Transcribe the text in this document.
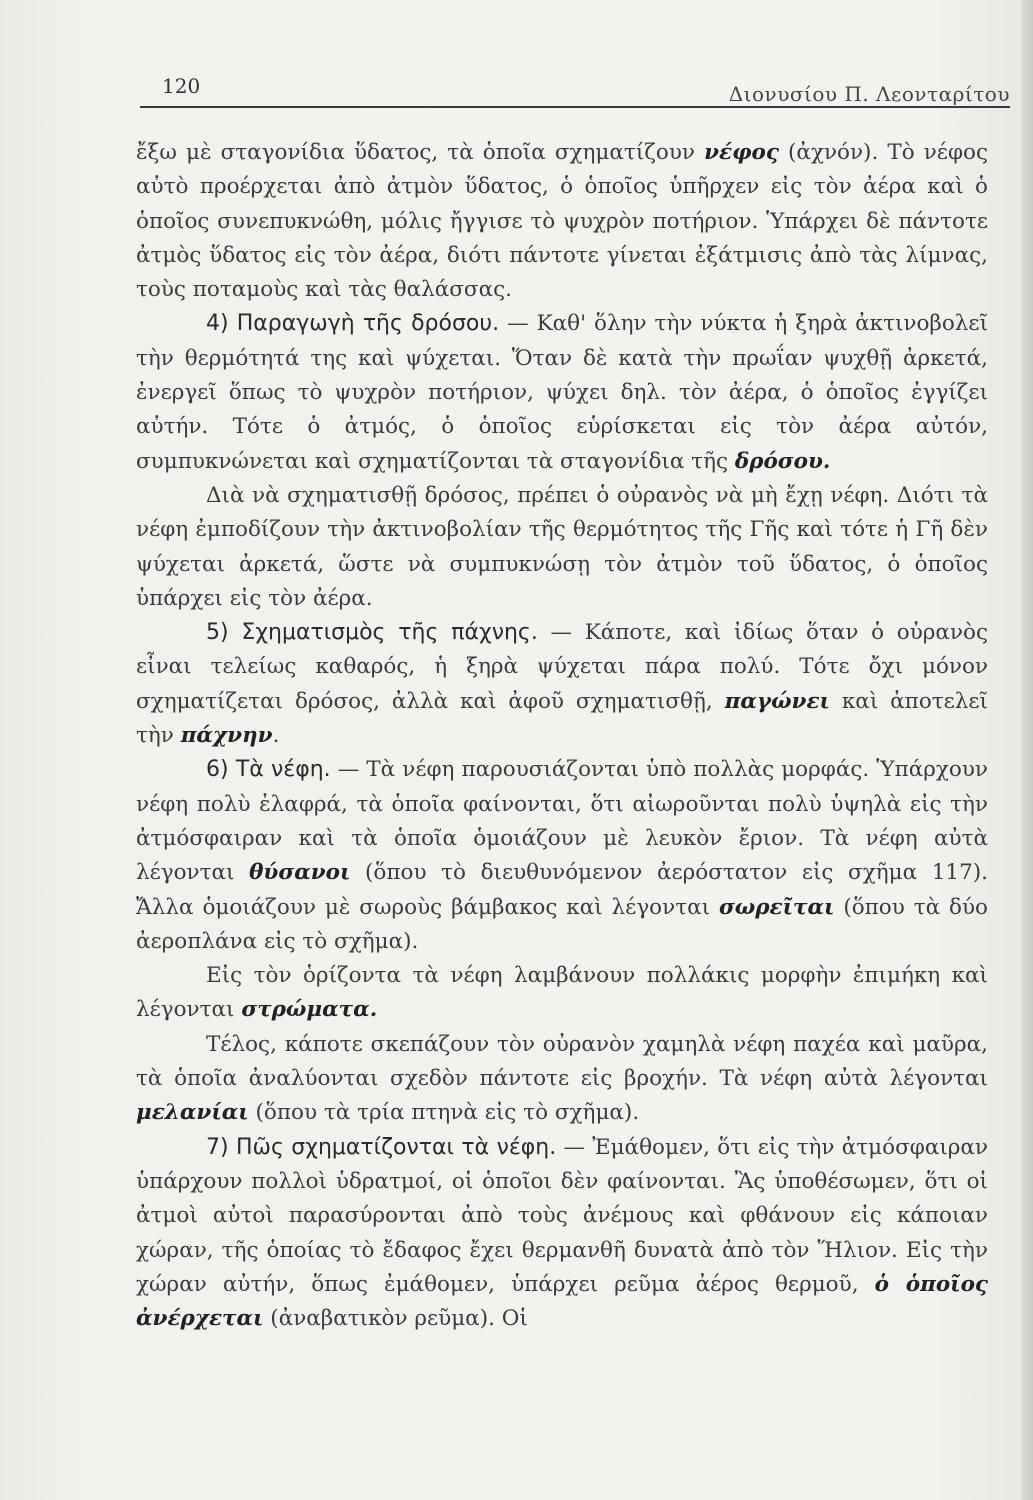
120	Διονυσίου Π. Λεονταρίτου

ἔξω μὲ σταγονίδια ὕδατος, τὰ ὁποῖα σχηματίζουν νέφος (ἀχνόν). Τὸ νέφος αὐτὸ προέρχεται ἀπὸ ἀτμὸν ὕδατος, ὁ ὁποῖος ὑπῆρχεν εἰς τὸν ἀέρα καὶ ὁ ὁποῖος συνεπυκνώθη, μόλις ἤγγισε τὸ ψυχρὸν ποτήριον. Ὑπάρχει δὲ πάντοτε ἀτμὸς ὕδατος εἰς τὸν ἀέρα, διότι πάντοτε γίνεται ἐξάτμισις ἀπὸ τὰς λίμνας, τοὺς ποταμοὺς καὶ τὰς θαλάσσας.

4) Παραγωγὴ τῆς δρόσου. — Καθ' ὅλην τὴν νύκτα ἡ ξηρὰ ἀκτινοβολεῖ τὴν θερμότητά της καὶ ψύχεται. Ὅταν δὲ κατὰ τὴν πρωΐαν ψυχθῇ ἀρκετά, ἐνεργεῖ ὅπως τὸ ψυχρὸν ποτήριον, ψύχει δηλ. τὸν ἀέρα, ὁ ὁποῖος ἐγγίζει αὐτήν. Τότε ὁ ἀτμός, ὁ ὁποῖος εὑρίσκεται εἰς τὸν ἀέρα αὐτόν, συμπυκνώνεται καὶ σχηματίζονται τὰ σταγονίδια τῆς δρόσου.

Διὰ νὰ σχηματισθῇ δρόσος, πρέπει ὁ οὐρανὸς νὰ μὴ ἔχῃ νέφη. Διότι τὰ νέφη ἐμποδίζουν τὴν ἀκτινοβολίαν τῆς θερμότητος τῆς Γῆς καὶ τότε ἡ Γῆ δὲν ψύχεται ἀρκετά, ὥστε νὰ συμπυκνώσῃ τὸν ἀτμὸν τοῦ ὕδατος, ὁ ὁποῖος ὑπάρχει εἰς τὸν ἀέρα.

5) Σχηματισμὸς τῆς πάχνης. — Κάποτε, καὶ ἰδίως ὅταν ὁ οὐρανὸς εἶναι τελείως καθαρός, ἡ ξηρὰ ψύχεται πάρα πολύ. Τότε ὄχι μόνον σχηματίζεται δρόσος, ἀλλὰ καὶ ἀφοῦ σχηματισθῇ, παγώνει καὶ ἀποτελεῖ τὴν πάχνην.

6) Τὰ νέφη. — Τὰ νέφη παρουσιάζονται ὑπὸ πολλὰς μορφάς. Ὑπάρχουν νέφη πολὺ ἐλαφρά, τὰ ὁποῖα φαίνονται, ὅτι αἰωροῦνται πολὺ ὑψηλὰ εἰς τὴν ἀτμόσφαιραν καὶ τὰ ὁποῖα ὁμοιάζουν μὲ λευκὸν ἔριον. Τὰ νέφη αὐτὰ λέγονται θύσανοι (ὅπου τὸ διευθυνόμενον ἀερόστατον εἰς σχῆμα 117). Ἄλλα ὁμοιάζουν μὲ σωροὺς βάμβακος καὶ λέγονται σωρεῖται (ὅπου τὰ δύο ἀεροπλάνα εἰς τὸ σχῆμα).

Εἰς τὸν ὁρίζοντα τὰ νέφη λαμβάνουν πολλάκις μορφὴν ἐπιμήκη καὶ λέγονται στρώματα.

Τέλος, κάποτε σκεπάζουν τὸν οὐρανὸν χαμηλὰ νέφη παχέα καὶ μαῦρα, τὰ ὁποῖα ἀναλύονται σχεδὸν πάντοτε εἰς βροχήν. Τὰ νέφη αὐτὰ λέγονται μελανίαι (ὅπου τὰ τρία πτηνὰ εἰς τὸ σχῆμα).

7) Πῶς σχηματίζονται τὰ νέφη. — Ἐμάθομεν, ὅτι εἰς τὴν ἀτμόσφαιραν ὑπάρχουν πολλοὶ ὑδρατμοί, οἱ ὁποῖοι δὲν φαίνονται. Ἂς ὑποθέσωμεν, ὅτι οἱ ἀτμοὶ αὐτοὶ παρασύρονται ἀπὸ τοὺς ἀνέμους καὶ φθάνουν εἰς κάποιαν χώραν, τῆς ὁποίας τὸ ἔδαφος ἔχει θερμανθῆ δυνατὰ ἀπὸ τὸν Ἥλιον. Εἰς τὴν χώραν αὐτήν, ὅπως ἐμάθομεν, ὑπάρχει ρεῦμα ἀέρος θερμοῦ, ὁ ὁποῖος ἀνέρχεται (ἀναβατικὸν ρεῦμα). Οἱ
